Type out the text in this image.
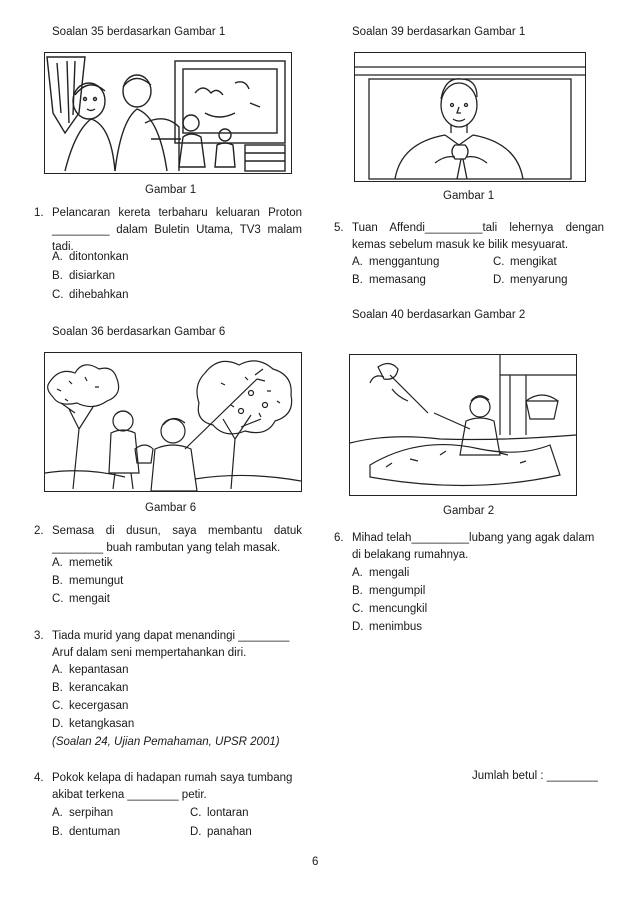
Soalan 35 berdasarkan Gambar 1
Gambar 1
1. Pelancaran kereta terbaharu keluaran Proton
_________ dalam Buletin Utama, TV3 malam
tadi.
A. ditontonkan
B. disiarkan
C. dihebahkan
Soalan 36 berdasarkan Gambar 6
Gambar 6
2. Semasa di dusun, saya membantu datuk
________ buah rambutan yang telah masak.
A. memetik
B. memungut
C. mengait
3. Tiada murid yang dapat menandingi ________
Aruf dalam seni mempertahankan diri.
A. kepantasan
B. kerancakan
C. kecergasan
D. ketangkasan
(Soalan 24, Ujian Pemahaman, UPSR 2001)
4. Pokok kelapa di hadapan rumah saya tumbang
akibat terkena ________ petir.
A. serpihan
B. dentuman
C. lontaran
D. panahan
Soalan 39 berdasarkan Gambar 1
Gambar 1
5. Tuan Affendi_________tali lehernya dengan
kemas sebelum masuk ke bilik mesyuarat.
A. menggantung
B. memasang
C. mengikat
D. menyarung
Soalan 40 berdasarkan Gambar 2
Gambar 2
6. Mihad telah_________lubang yang agak dalam
di belakang rumahnya.
A. mengali
B. mengumpil
C. mencungkil
D. menimbus
Jumlah betul : ________
6
